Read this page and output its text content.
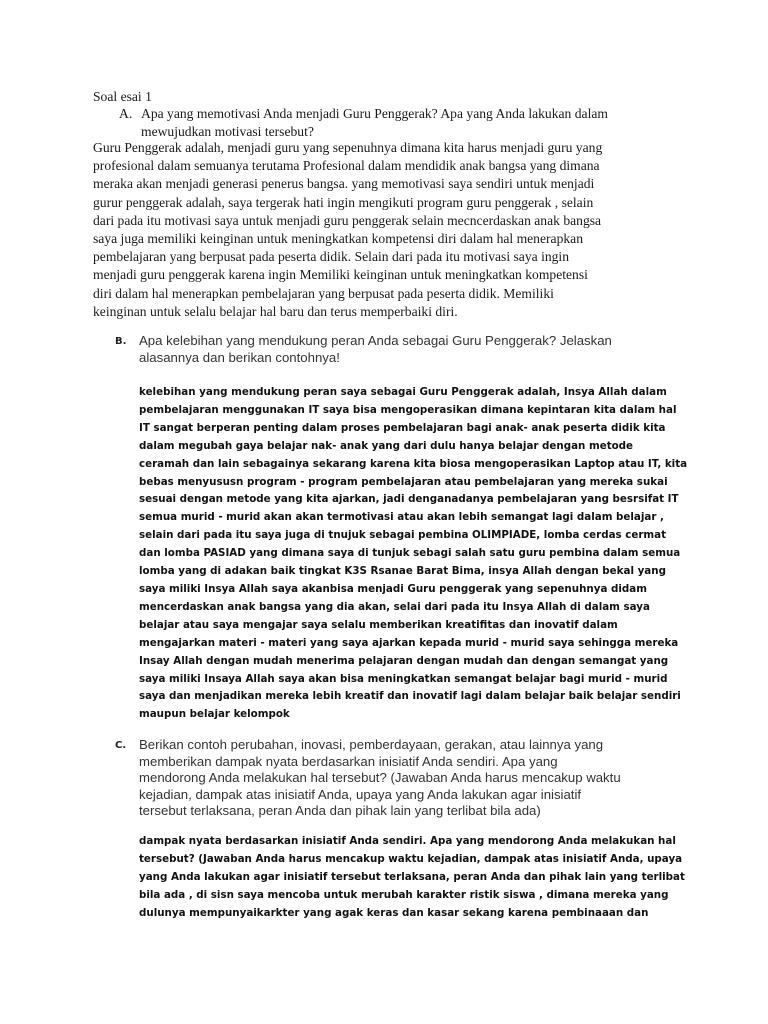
Soal esai 1
A. Apa yang memotivasi Anda menjadi Guru Penggerak? Apa yang Anda lakukan dalam
mewujudkan motivasi tersebut?
Guru Penggerak adalah, menjadi guru yang sepenuhnya dimana kita harus menjadi guru yang
profesional dalam semuanya terutama Profesional dalam mendidik anak bangsa yang dimana
meraka akan menjadi generasi penerus bangsa. yang memotivasi saya sendiri untuk menjadi
gurur penggerak adalah, saya tergerak hati ingin mengikuti program guru penggerak , selain
dari pada itu motivasi saya untuk menjadi guru penggerak selain mecncerdaskan anak bangsa
saya juga memiliki keinginan untuk meningkatkan kompetensi diri dalam hal menerapkan
pembelajaran yang berpusat pada peserta didik. Selain dari pada itu motivasi saya ingin
menjadi guru penggerak karena ingin Memiliki keinginan untuk meningkatkan kompetensi
diri dalam hal menerapkan pembelajaran yang berpusat pada peserta didik. Memiliki
keinginan untuk selalu belajar hal baru dan terus memperbaiki diri.
B. Apa kelebihan yang mendukung peran Anda sebagai Guru Penggerak? Jelaskan
alasannya dan berikan contohnya!
kelebihan yang mendukung peran saya sebagai Guru Penggerak adalah, Insya Allah dalam
pembelajaran menggunakan IT saya bisa mengoperasikan dimana kepintaran kita dalam hal
IT sangat berperan penting dalam proses pembelajaran bagi anak- anak peserta didik kita
dalam megubah gaya belajar nak- anak yang dari dulu hanya belajar dengan metode
ceramah dan lain sebagainya sekarang karena kita biosa mengoperasikan Laptop atau IT, kita
bebas menyususn program - program pembelajaran atau pembelajaran yang mereka sukai
sesuai dengan metode yang kita ajarkan, jadi denganadanya pembelajaran yang besrsifat IT
semua murid - murid akan akan termotivasi atau akan lebih semangat lagi dalam belajar ,
selain dari pada itu saya juga di tnujuk sebagai pembina OLIMPIADE, lomba cerdas cermat
dan lomba PASIAD yang dimana saya di tunjuk sebagi salah satu guru pembina dalam semua
lomba yang di adakan baik tingkat K3S Rsanae Barat Bima, insya Allah dengan bekal yang
saya miliki Insya Allah saya akanbisa menjadi Guru penggerak yang sepenuhnya didam
mencerdaskan anak bangsa yang dia akan, selai dari pada itu Insya Allah di dalam saya
belajar atau saya mengajar saya selalu memberikan kreatifitas dan inovatif dalam
mengajarkan materi - materi yang saya ajarkan kepada murid - murid saya sehingga mereka
Insay Allah dengan mudah menerima pelajaran dengan mudah dan dengan semangat yang
saya miliki Insaya Allah saya akan bisa meningkatkan semangat belajar bagi murid - murid
saya dan menjadikan mereka lebih kreatif dan inovatif lagi dalam belajar baik belajar sendiri
maupun belajar kelompok
C. Berikan contoh perubahan, inovasi, pemberdayaan, gerakan, atau lainnya yang
memberikan dampak nyata berdasarkan inisiatif Anda sendiri. Apa yang
mendorong Anda melakukan hal tersebut? (Jawaban Anda harus mencakup waktu
kejadian, dampak atas inisiatif Anda, upaya yang Anda lakukan agar inisiatif
tersebut terlaksana, peran Anda dan pihak lain yang terlibat bila ada)
dampak nyata berdasarkan inisiatif Anda sendiri. Apa yang mendorong Anda melakukan hal
tersebut? (Jawaban Anda harus mencakup waktu kejadian, dampak atas inisiatif Anda, upaya
yang Anda lakukan agar inisiatif tersebut terlaksana, peran Anda dan pihak lain yang terlibat
bila ada , di sisn saya mencoba untuk merubah karakter ristik siswa , dimana mereka yang
dulunya mempunyaikarkter yang agak keras dan kasar sekang karena pembinaaan dan
